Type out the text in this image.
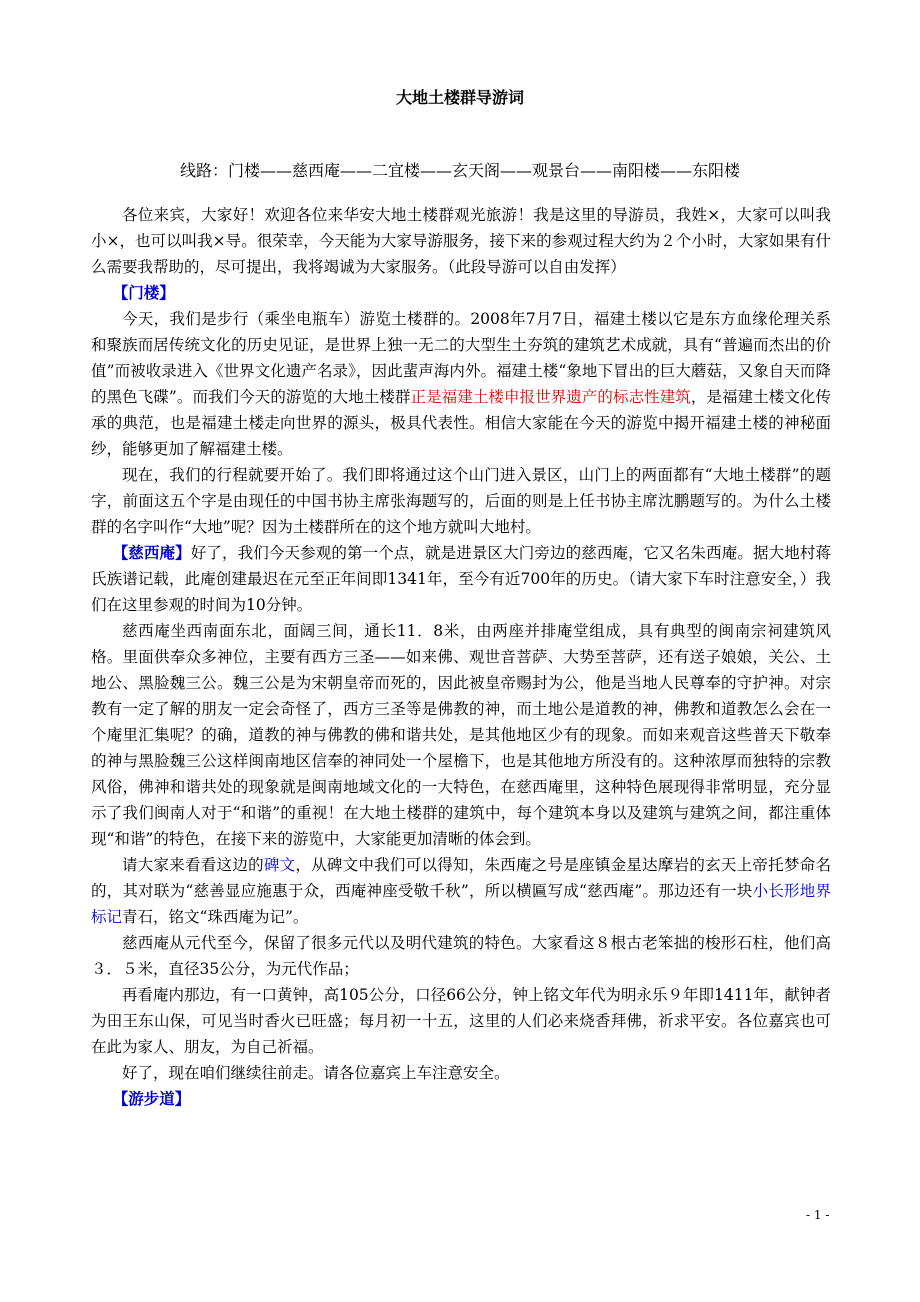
大地土楼群导游词
线路：门楼——慈西庵——二宜楼——玄天阁——观景台——南阳楼——东阳楼

各位来宾，大家好！欢迎各位来华安大地土楼群观光旅游！我是这里的导游员，我姓×，大家可以叫我小×，也可以叫我×导。很荣幸，今天能为大家导游服务，接下来的参观过程大约为２个小时，大家如果有什么需要我帮助的，尽可提出，我将竭诚为大家服务。（此段导游可以自由发挥）

【门楼】

今天，我们是步行（乘坐电瓶车）游览土楼群的。2008年7月7日，福建土楼以它是东方血缘伦理关系和聚族而居传统文化的历史见证，是世界上独一无二的大型生土夯筑的建筑艺术成就，具有“普遍而杰出的价值”而被收录进入《世界文化遗产名录》，因此蜚声海内外。福建土楼“象地下冒出的巨大蘑菇，又象自天而降的黑色飞碟”。而我们今天的游览的大地土楼群正是福建土楼申报世界遗产的标志性建筑，是福建土楼文化传承的典范，也是福建土楼走向世界的源头，极具代表性。相信大家能在今天的游览中揭开福建土楼的神秘面纱，能够更加了解福建土楼。

现在，我们的行程就要开始了。我们即将通过这个山门进入景区，山门上的两面都有“大地土楼群”的题字，前面这五个字是由现任的中国书协主席张海题写的，后面的则是上任书协主席沈鹏题写的。为什么土楼群的名字叫作“大地”呢？因为土楼群所在的这个地方就叫大地村。

【慈西庵】好了，我们今天参观的第一个点，就是进景区大门旁边的慈西庵，它又名朱西庵。据大地村蒋氏族谱记载，此庵创建最迟在元至正年间即1341年，至今有近700年的历史。（请大家下车时注意安全，）我们在这里参观的时间为10分钟。

慈西庵坐西南面东北，面阔三间，通长11．8米，由两座并排庵堂组成，具有典型的闽南宗祠建筑风格。里面供奉众多神位，主要有西方三圣——如来佛、观世音菩萨、大势至菩萨，还有送子娘娘，关公、土地公、黑脸魏三公。魏三公是为宋朝皇帝而死的，因此被皇帝赐封为公，他是当地人民尊奉的守护神。对宗教有一定了解的朋友一定会奇怪了，西方三圣等是佛教的神，而土地公是道教的神，佛教和道教怎么会在一个庵里汇集呢？的确，道教的神与佛教的佛和谐共处，是其他地区少有的现象。而如来观音这些普天下敬奉的神与黑脸魏三公这样闽南地区信奉的神同处一个屋檐下，也是其他地方所没有的。这种浓厚而独特的宗教风俗，佛神和谐共处的现象就是闽南地域文化的一大特色，在慈西庵里，这种特色展现得非常明显，充分显示了我们闽南人对于“和谐”的重视！在大地土楼群的建筑中，每个建筑本身以及建筑与建筑之间，都注重体现“和谐”的特色，在接下来的游览中，大家能更加清晰的体会到。

请大家来看看这边的碑文，从碑文中我们可以得知，朱西庵之号是座镇金星达摩岩的玄天上帝托梦命名的，其对联为“慈善显应施惠于众，西庵神座受敬千秋”，所以横匾写成“慈西庵”。那边还有一块小长形地界标记青石，铭文“珠西庵为记”。

慈西庵从元代至今，保留了很多元代以及明代建筑的特色。大家看这８根古老笨拙的梭形石柱，他们高３．５米，直径35公分，为元代作品；

再看庵内那边，有一口黄钟，高105公分，口径66公分，钟上铭文年代为明永乐９年即1411年，献钟者为田王东山保，可见当时香火已旺盛；每月初一十五，这里的人们必来烧香拜佛，祈求平安。各位嘉宾也可在此为家人、朋友，为自己祈福。

好了，现在咱们继续往前走。请各位嘉宾上车注意安全。

【游步道】

- 1 -
